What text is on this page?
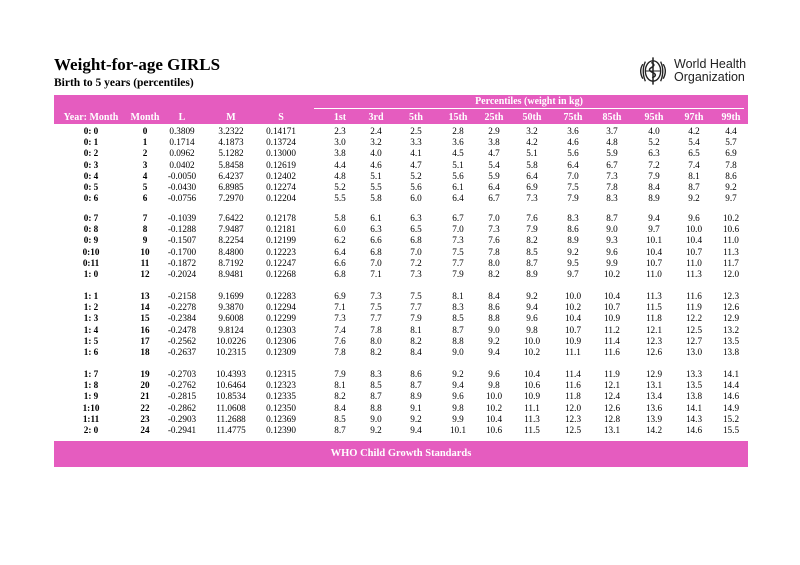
Weight-for-age GIRLS

Birth to 5 years (percentiles)

World Health
Organization
Percentiles (weight in kg)
Year: Month	Month	L	M	S	1st	3rd	5th	15th	25th	50th	75th	85th	95th	97th	99th
0: 0	0	0.3809	3.2322	0.14171	2.3	2.4	2.5	2.8	2.9	3.2	3.6	3.7	4.0	4.2	4.4
0: 1	1	0.1714	4.1873	0.13724	3.0	3.2	3.3	3.6	3.8	4.2	4.6	4.8	5.2	5.4	5.7
0: 2	2	0.0962	5.1282	0.13000	3.8	4.0	4.1	4.5	4.7	5.1	5.6	5.9	6.3	6.5	6.9
0: 3	3	0.0402	5.8458	0.12619	4.4	4.6	4.7	5.1	5.4	5.8	6.4	6.7	7.2	7.4	7.8
0: 4	4	-0.0050	6.4237	0.12402	4.8	5.1	5.2	5.6	5.9	6.4	7.0	7.3	7.9	8.1	8.6
0: 5	5	-0.0430	6.8985	0.12274	5.2	5.5	5.6	6.1	6.4	6.9	7.5	7.8	8.4	8.7	9.2
0: 6	6	-0.0756	7.2970	0.12204	5.5	5.8	6.0	6.4	6.7	7.3	7.9	8.3	8.9	9.2	9.7
0: 7	7	-0.1039	7.6422	0.12178	5.8	6.1	6.3	6.7	7.0	7.6	8.3	8.7	9.4	9.6	10.2
0: 8	8	-0.1288	7.9487	0.12181	6.0	6.3	6.5	7.0	7.3	7.9	8.6	9.0	9.7	10.0	10.6
0: 9	9	-0.1507	8.2254	0.12199	6.2	6.6	6.8	7.3	7.6	8.2	8.9	9.3	10.1	10.4	11.0
0:10	10	-0.1700	8.4800	0.12223	6.4	6.8	7.0	7.5	7.8	8.5	9.2	9.6	10.4	10.7	11.3
0:11	11	-0.1872	8.7192	0.12247	6.6	7.0	7.2	7.7	8.0	8.7	9.5	9.9	10.7	11.0	11.7
1: 0	12	-0.2024	8.9481	0.12268	6.8	7.1	7.3	7.9	8.2	8.9	9.7	10.2	11.0	11.3	12.0
1: 1	13	-0.2158	9.1699	0.12283	6.9	7.3	7.5	8.1	8.4	9.2	10.0	10.4	11.3	11.6	12.3
1: 2	14	-0.2278	9.3870	0.12294	7.1	7.5	7.7	8.3	8.6	9.4	10.2	10.7	11.5	11.9	12.6
1: 3	15	-0.2384	9.6008	0.12299	7.3	7.7	7.9	8.5	8.8	9.6	10.4	10.9	11.8	12.2	12.9
1: 4	16	-0.2478	9.8124	0.12303	7.4	7.8	8.1	8.7	9.0	9.8	10.7	11.2	12.1	12.5	13.2
1: 5	17	-0.2562	10.0226	0.12306	7.6	8.0	8.2	8.8	9.2	10.0	10.9	11.4	12.3	12.7	13.5
1: 6	18	-0.2637	10.2315	0.12309	7.8	8.2	8.4	9.0	9.4	10.2	11.1	11.6	12.6	13.0	13.8
1: 7	19	-0.2703	10.4393	0.12315	7.9	8.3	8.6	9.2	9.6	10.4	11.4	11.9	12.9	13.3	14.1
1: 8	20	-0.2762	10.6464	0.12323	8.1	8.5	8.7	9.4	9.8	10.6	11.6	12.1	13.1	13.5	14.4
1: 9	21	-0.2815	10.8534	0.12335	8.2	8.7	8.9	9.6	10.0	10.9	11.8	12.4	13.4	13.8	14.6
1:10	22	-0.2862	11.0608	0.12350	8.4	8.8	9.1	9.8	10.2	11.1	12.0	12.6	13.6	14.1	14.9
1:11	23	-0.2903	11.2688	0.12369	8.5	9.0	9.2	9.9	10.4	11.3	12.3	12.8	13.9	14.3	15.2
2: 0	24	-0.2941	11.4775	0.12390	8.7	9.2	9.4	10.1	10.6	11.5	12.5	13.1	14.2	14.6	15.5
WHO Child Growth Standards
